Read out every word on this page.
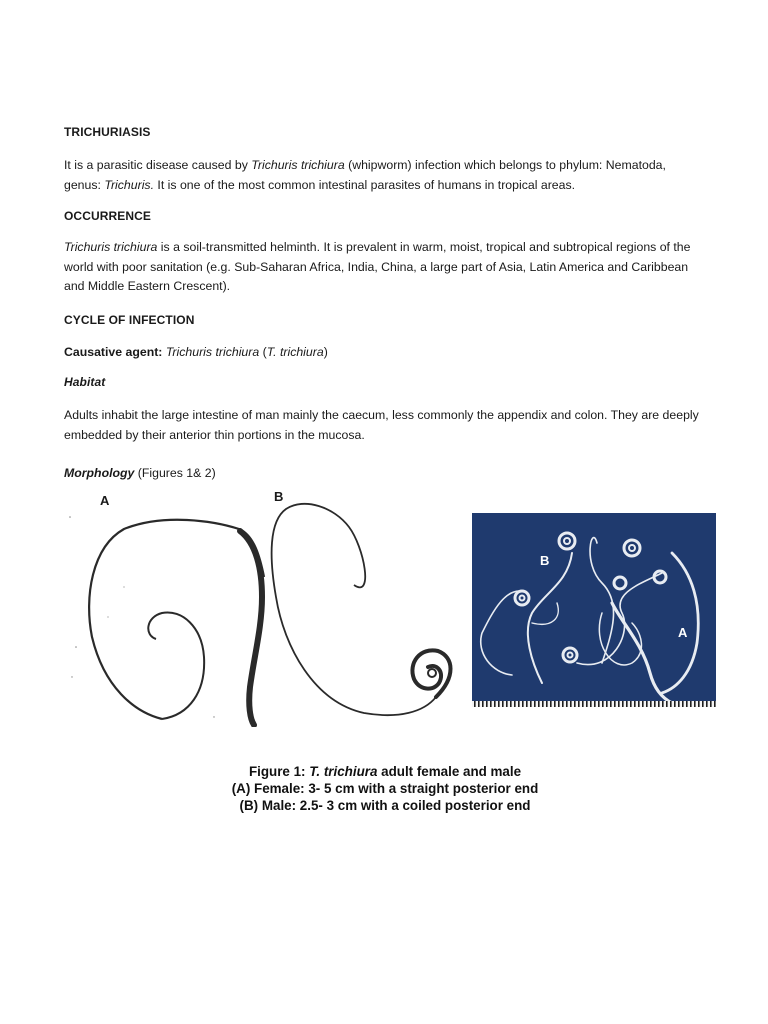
TRICHURIASIS

It is a parasitic disease caused by Trichuris trichiura (whipworm) infection which belongs to phylum: Nematoda, genus: Trichuris. It is one of the most common intestinal parasites of humans in tropical areas.

OCCURRENCE

Trichuris trichiura is a soil-transmitted helminth. It is prevalent in warm, moist, tropical and subtropical regions of the world with poor sanitation (e.g. Sub-Saharan Africa, India, China, a large part of Asia, Latin America and Caribbean and Middle Eastern Crescent).

CYCLE OF INFECTION

Causative agent: Trichuris trichiura (T. trichiura)

Habitat

Adults inhabit the large intestine of man mainly the caecum, less commonly the appendix and colon. They are deeply embedded by their anterior thin portions in the mucosa.

Morphology (Figures 1& 2)

A	B
B
A
Figure 1: T. trichiura adult female and male
(A) Female: 3- 5 cm with a straight posterior end
(B) Male: 2.5- 3 cm with a coiled posterior end
